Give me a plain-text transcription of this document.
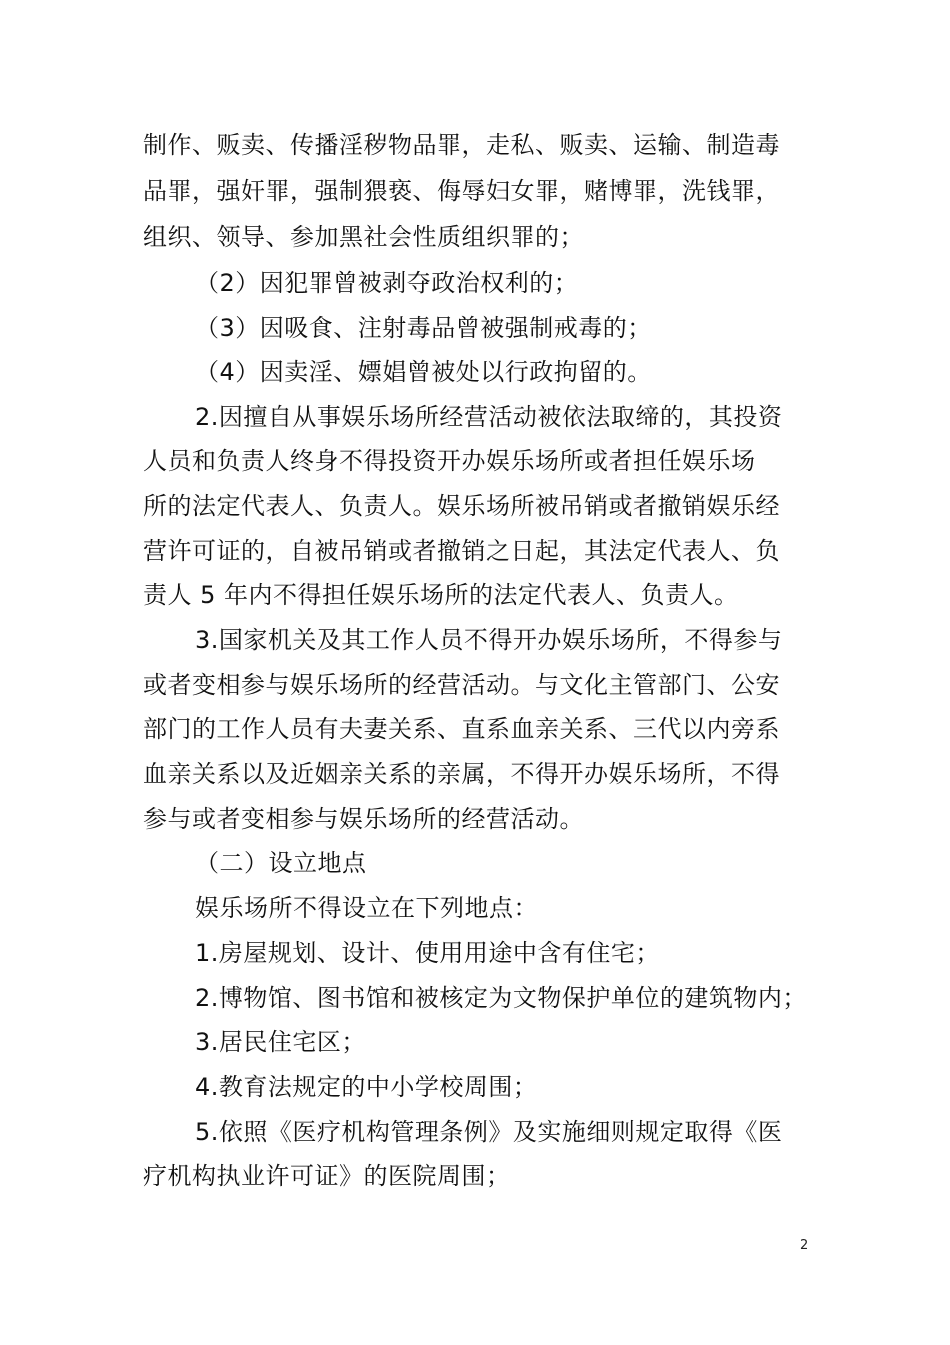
制作、贩卖、传播淫秽物品罪，走私、贩卖、运输、制造毒
品罪，强奸罪，强制猥亵、侮辱妇女罪，赌博罪，洗钱罪，
组织、领导、参加黑社会性质组织罪的；
（2）因犯罪曾被剥夺政治权利的；
（3）因吸食、注射毒品曾被强制戒毒的；
（4）因卖淫、嫖娼曾被处以行政拘留的。
2.因擅自从事娱乐场所经营活动被依法取缔的，其投资
人员和负责人终身不得投资开办娱乐场所或者担任娱乐场
所的法定代表人、负责人。娱乐场所被吊销或者撤销娱乐经
营许可证的，自被吊销或者撤销之日起，其法定代表人、负
责人 5 年内不得担任娱乐场所的法定代表人、负责人。
3.国家机关及其工作人员不得开办娱乐场所，不得参与
或者变相参与娱乐场所的经营活动。与文化主管部门、公安
部门的工作人员有夫妻关系、直系血亲关系、三代以内旁系
血亲关系以及近姻亲关系的亲属，不得开办娱乐场所，不得
参与或者变相参与娱乐场所的经营活动。
（二）设立地点
娱乐场所不得设立在下列地点：
1.房屋规划、设计、使用用途中含有住宅；
2.博物馆、图书馆和被核定为文物保护单位的建筑物内；
3.居民住宅区；
4.教育法规定的中小学校周围；
5.依照《医疗机构管理条例》及实施细则规定取得《医
疗机构执业许可证》的医院周围；
2
